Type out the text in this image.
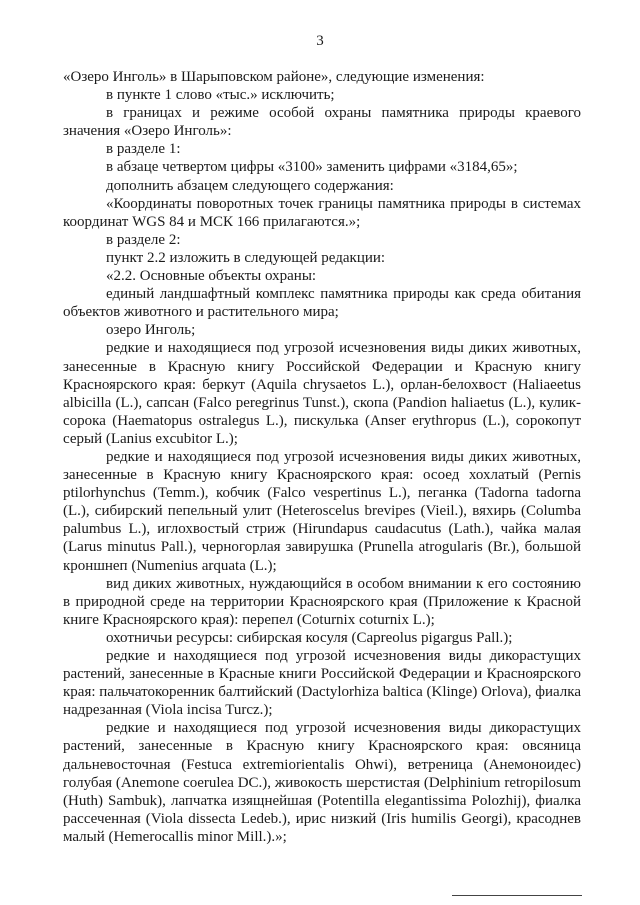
3

«Озеро Инголь» в Шарыповском районе», следующие изменения:

в пункте 1 слово «тыс.» исключить;

в границах и режиме особой охраны памятника природы краевого значения «Озеро Инголь»:

в разделе 1:

в абзаце четвертом цифры «3100» заменить цифрами «3184,65»;

дополнить абзацем следующего содержания:

«Координаты поворотных точек границы памятника природы в системах координат WGS 84 и МСК 166 прилагаются.»;

в разделе 2:

пункт 2.2 изложить в следующей редакции:

«2.2. Основные объекты охраны:

единый ландшафтный комплекс памятника природы как среда обитания объектов животного и растительного мира;

озеро Инголь;

редкие и находящиеся под угрозой исчезновения виды диких животных, занесенные в Красную книгу Российской Федерации и Красную книгу Красноярского края: беркут (Aquila chrysaetos L.), орлан-белохвост (Haliaeetus albicilla (L.), сапсан (Falco peregrinus Tunst.), скопа (Pandion haliaetus (L.), кулик-сорока (Haematopus ostralegus L.), пискулька (Anser erythropus (L.), сорокопут серый (Lanius excubitor L.);

редкие и находящиеся под угрозой исчезновения виды диких животных, занесенные в Красную книгу Красноярского края: осоед хохлатый (Pernis ptilorhynchus (Temm.), кобчик (Falco vespertinus L.), пеганка (Tadorna tadorna (L.), сибирский пепельный улит (Heteroscelus brevipes (Vieil.), вяхирь (Columba palumbus L.), иглохвостый стриж (Hirundapus caudacutus (Lath.), чайка малая (Larus minutus Pall.), черногорлая завирушка (Prunella atrogularis (Br.), большой кроншнеп (Numenius arquata (L.);

вид диких животных, нуждающийся в особом внимании к его состоянию в природной среде на территории Красноярского края (Приложение к Красной книге Красноярского края): перепел (Coturnix coturnix L.);

охотничьи ресурсы: сибирская косуля (Capreolus pigargus Pall.);

редкие и находящиеся под угрозой исчезновения виды дикорастущих растений, занесенные в Красные книги Российской Федерации и Красноярского края: пальчатокоренник балтийский (Dactylorhiza baltica (Klinge) Orlova), фиалка надрезанная (Viola incisa Turcz.);

редкие и находящиеся под угрозой исчезновения виды дикорастущих растений, занесенные в Красную книгу Красноярского края: овсяница дальневосточная (Festuca extremiorientalis Ohwi), ветреница (Анемоноидес) голубая (Anemone coerulea DC.), живокость шерстистая (Delphinium retropilosum (Huth) Sambuk), лапчатка изящнейшая (Potentilla elegantissima Polozhij), фиалка рассеченная (Viola dissecta Ledeb.), ирис низкий (Iris humilis Georgi), красоднев малый (Hemerocallis minor Mill.).»;
